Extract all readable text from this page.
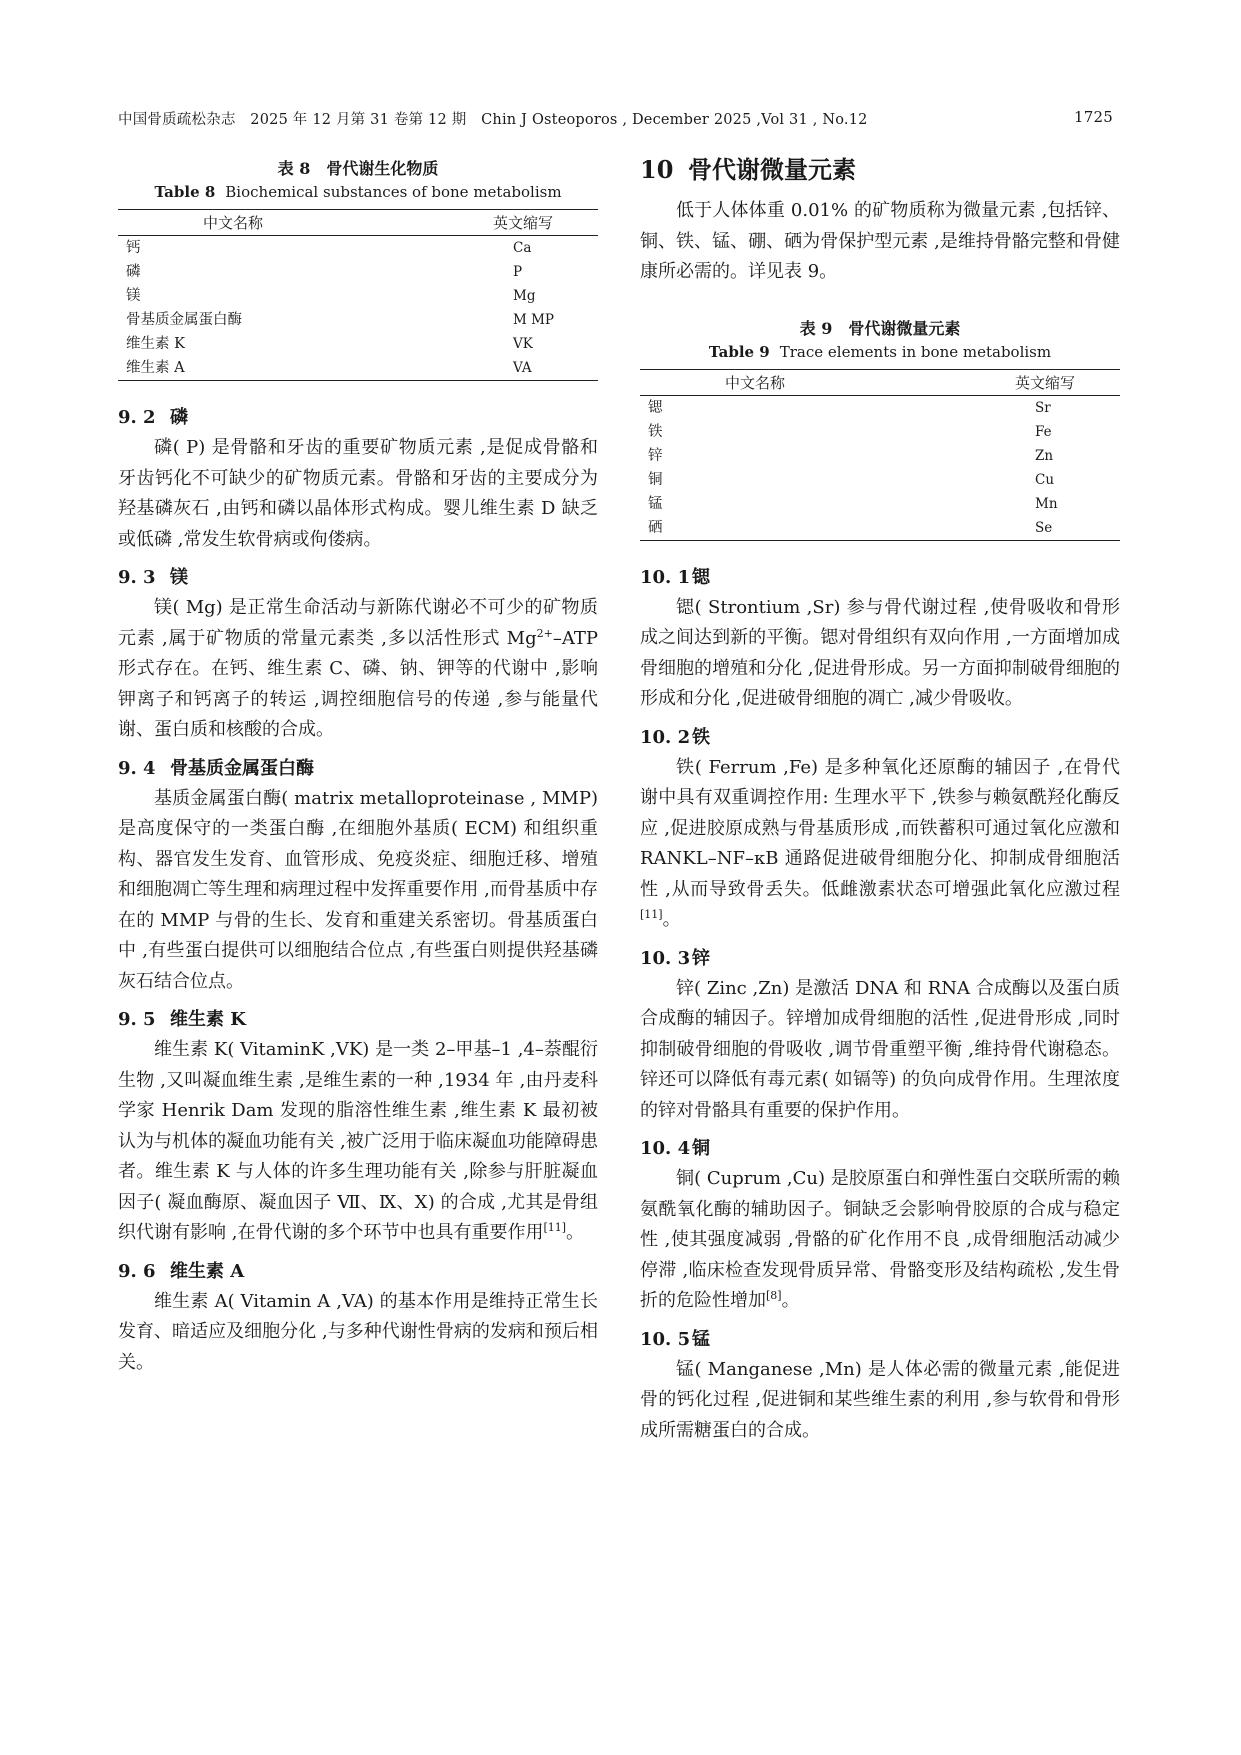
中国骨质疏松杂志　2025 年 12 月第 31 卷第 12 期　Chin J Osteoporos , December 2025 ,Vol 31 , No.12	1725
表 8　骨代谢生化物质
Table 8 Biochemical substances of bone metabolism
中文名称	英文缩写
钙	Ca
磷	P
镁	Mg
骨基质金属蛋白酶	M MP
维生素 K	VK
维生素 A	VA
9. 2 磷

磷( P) 是骨骼和牙齿的重要矿物质元素 ,是促成骨骼和牙齿钙化不可缺少的矿物质元素。骨骼和牙齿的主要成分为羟基磷灰石 ,由钙和磷以晶体形式构成。婴儿维生素 D 缺乏或低磷 ,常发生软骨病或佝偻病。

9. 3 镁

镁( Mg) 是正常生命活动与新陈代谢必不可少的矿物质元素 ,属于矿物质的常量元素类 ,多以活性形式 $Mg^{2+}$–ATP 形式存在。在钙、维生素 C、磷、钠、钾等的代谢中 ,影响钾离子和钙离子的转运 ,调控细胞信号的传递 ,参与能量代谢、蛋白质和核酸的合成。

9. 4 骨基质金属蛋白酶

基质金属蛋白酶( matrix metalloproteinase , MMP) 是高度保守的一类蛋白酶 ,在细胞外基质( ECM) 和组织重构、器官发生发育、血管形成、免疫炎症、细胞迁移、增殖和细胞凋亡等生理和病理过程中发挥重要作用 ,而骨基质中存在的 MMP 与骨的生长、发育和重建关系密切。骨基质蛋白中 ,有些蛋白提供可以细胞结合位点 ,有些蛋白则提供羟基磷灰石结合位点。

9. 5 维生素 K

维生素 K( VitaminK ,VK) 是一类 2–甲基–1 ,4–萘醌衍生物 ,又叫凝血维生素 ,是维生素的一种 ,1934 年 ,由丹麦科学家 Henrik Dam 发现的脂溶性维生素 ,维生素 K 最初被认为与机体的凝血功能有关 ,被广泛用于临床凝血功能障碍患者。维生素 K 与人体的许多生理功能有关 ,除参与肝脏凝血因子( 凝血酶原、凝血因子 Ⅶ、Ⅸ、Ⅹ) 的合成 ,尤其是骨组织代谢有影响 ,在骨代谢的多个环节中也具有重要作用[11]。

9. 6 维生素 A

维生素 A( Vitamin A ,VA) 的基本作用是维持正常生长发育、暗适应及细胞分化 ,与多种代谢性骨病的发病和预后相关。

10 骨代谢微量元素

低于人体体重 0.01% 的矿物质称为微量元素 ,包括锌、铜、铁、锰、硼、硒为骨保护型元素 ,是维持骨骼完整和骨健康所必需的。详见表 9。

表 9　骨代谢微量元素
Table 9 Trace elements in bone metabolism
中文名称	英文缩写
锶	Sr
铁	Fe
锌	Zn
铜	Cu
锰	Mn
硒	Se
10. 1 锶

锶( Strontium ,Sr) 参与骨代谢过程 ,使骨吸收和骨形成之间达到新的平衡。锶对骨组织有双向作用 ,一方面增加成骨细胞的增殖和分化 ,促进骨形成。另一方面抑制破骨细胞的形成和分化 ,促进破骨细胞的凋亡 ,减少骨吸收。

10. 2 铁

铁( Ferrum ,Fe) 是多种氧化还原酶的辅因子 ,在骨代谢中具有双重调控作用: 生理水平下 ,铁参与赖氨酰羟化酶反应 ,促进胶原成熟与骨基质形成 ,而铁蓄积可通过氧化应激和 RANKL–NF–κB 通路促进破骨细胞分化、抑制成骨细胞活性 ,从而导致骨丢失。低雌激素状态可增强此氧化应激过程[11]。

10. 3 锌

锌( Zinc ,Zn) 是激活 DNA 和 RNA 合成酶以及蛋白质合成酶的辅因子。锌增加成骨细胞的活性 ,促进骨形成 ,同时抑制破骨细胞的骨吸收 ,调节骨重塑平衡 ,维持骨代谢稳态。锌还可以降低有毒元素( 如镉等) 的负向成骨作用。生理浓度的锌对骨骼具有重要的保护作用。

10. 4 铜

铜( Cuprum ,Cu) 是胶原蛋白和弹性蛋白交联所需的赖氨酰氧化酶的辅助因子。铜缺乏会影响骨胶原的合成与稳定性 ,使其强度减弱 ,骨骼的矿化作用不良 ,成骨细胞活动减少停滞 ,临床检查发现骨质异常、骨骼变形及结构疏松 ,发生骨折的危险性增加[8]。

10. 5 锰

锰( Manganese ,Mn) 是人体必需的微量元素 ,能促进骨的钙化过程 ,促进铜和某些维生素的利用 ,参与软骨和骨形成所需糖蛋白的合成。
